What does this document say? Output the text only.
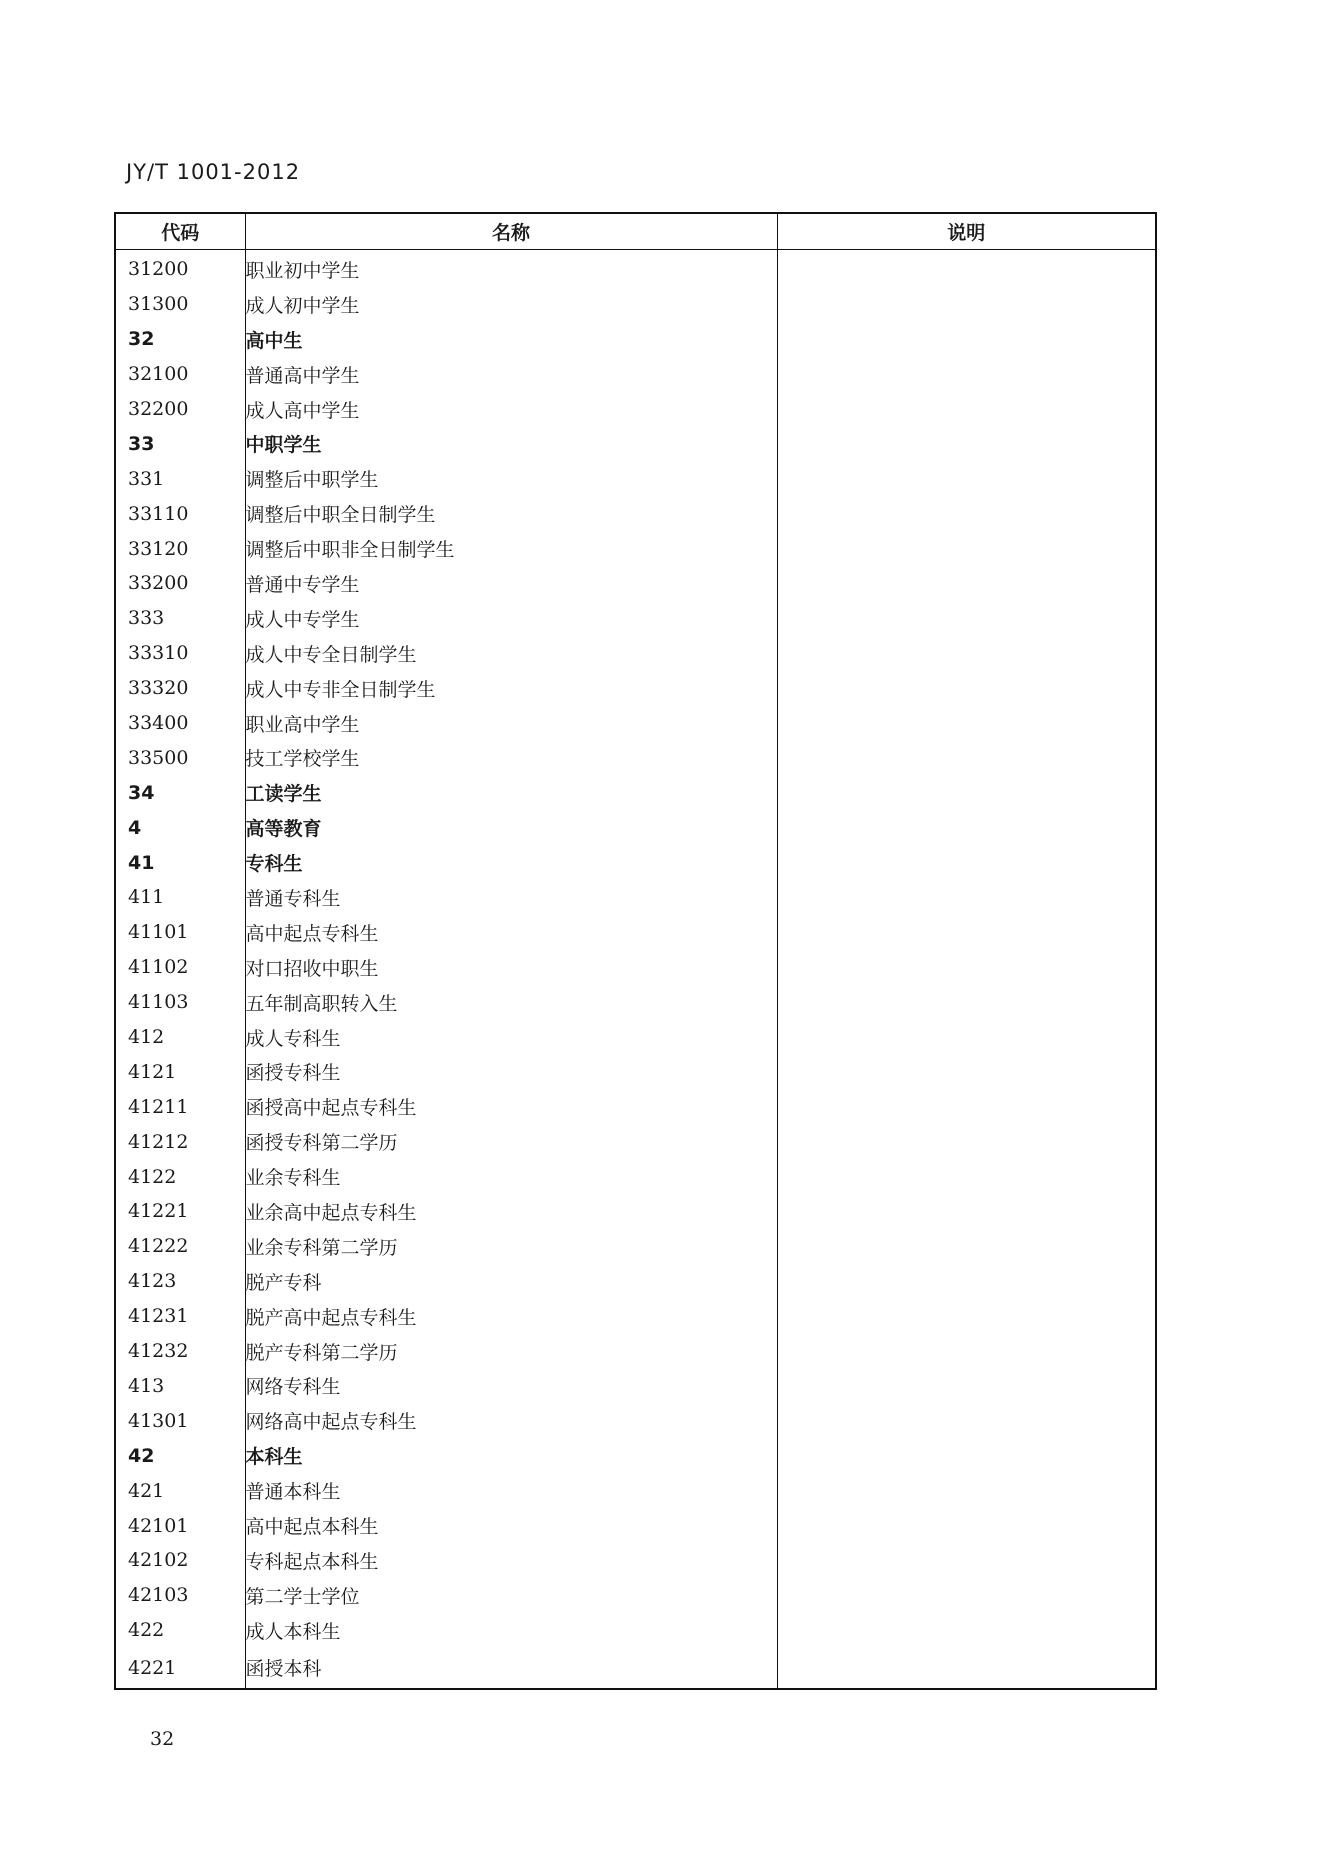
JY/T 1001-2012
代码	名称	说明
31200	职业初中学生	
31300	成人初中学生	
32	高中生	
32100	普通高中学生	
32200	成人高中学生	
33	中职学生	
331	调整后中职学生	
33110	调整后中职全日制学生	
33120	调整后中职非全日制学生	
33200	普通中专学生	
333	成人中专学生	
33310	成人中专全日制学生	
33320	成人中专非全日制学生	
33400	职业高中学生	
33500	技工学校学生	
34	工读学生	
4	高等教育	
41	专科生	
411	普通专科生	
41101	高中起点专科生	
41102	对口招收中职生	
41103	五年制高职转入生	
412	成人专科生	
4121	函授专科生	
41211	函授高中起点专科生	
41212	函授专科第二学历	
4122	业余专科生	
41221	业余高中起点专科生	
41222	业余专科第二学历	
4123	脱产专科	
41231	脱产高中起点专科生	
41232	脱产专科第二学历	
413	网络专科生	
41301	网络高中起点专科生	
42	本科生	
421	普通本科生	
42101	高中起点本科生	
42102	专科起点本科生	
42103	第二学士学位	
422	成人本科生	
4221	函授本科	
32
